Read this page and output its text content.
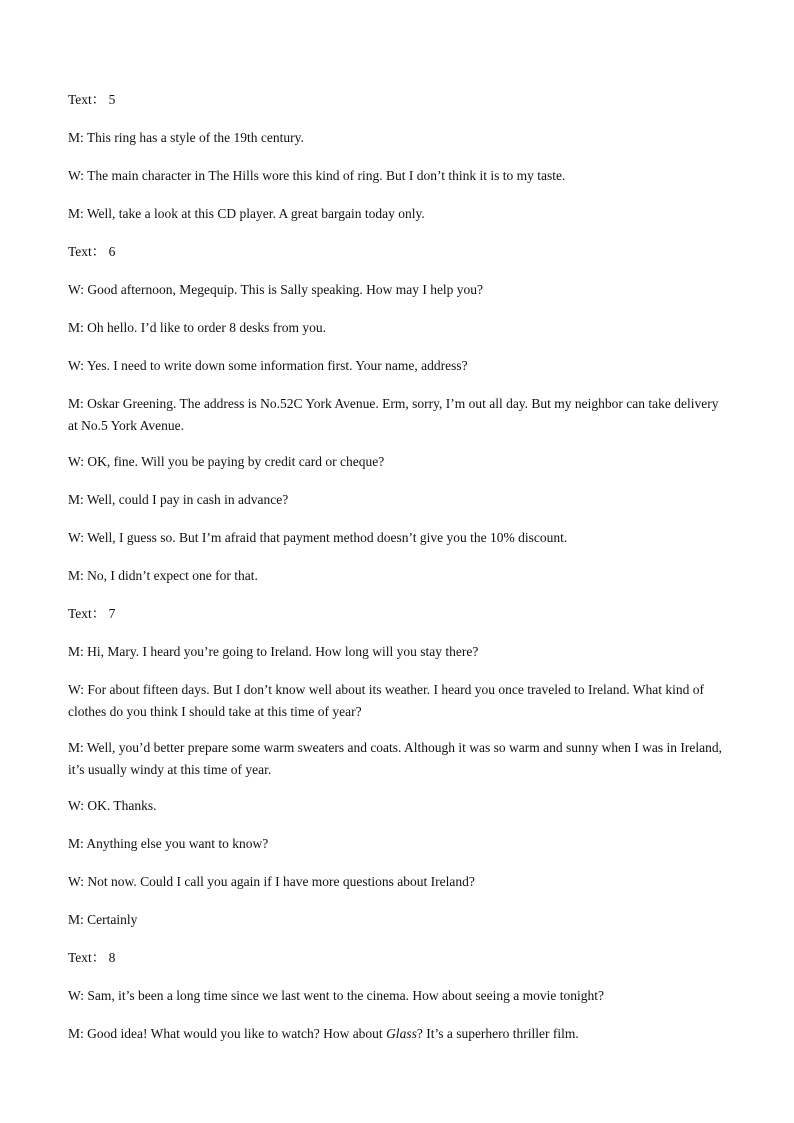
Text： 5

M: This ring has a style of the 19th century.

W: The main character in The Hills wore this kind of ring. But I don’t think it is to my taste.

M: Well, take a look at this CD player. A great bargain today only.

Text： 6

W: Good afternoon, Megequip. This is Sally speaking. How may I help you?

M: Oh hello. I’d like to order 8 desks from you.

W: Yes. I need to write down some information first. Your name, address?

M: Oskar Greening. The address is No.52C York Avenue. Erm, sorry, I’m out all day. But my neighbor can take delivery at No.5 York Avenue.

W: OK, fine. Will you be paying by credit card or cheque?

M: Well, could I pay in cash in advance?

W: Well, I guess so. But I’m afraid that payment method doesn’t give you the 10% discount.

M: No, I didn’t expect one for that.

Text： 7

M: Hi, Mary. I heard you’re going to Ireland. How long will you stay there?

W: For about fifteen days. But I don’t know well about its weather. I heard you once traveled to Ireland. What kind of clothes do you think I should take at this time of year?

M: Well, you’d better prepare some warm sweaters and coats. Although it was so warm and sunny when I was in Ireland, it’s usually windy at this time of year.

W: OK. Thanks.

M: Anything else you want to know?

W: Not now. Could I call you again if I have more questions about Ireland?

M: Certainly

Text： 8

W: Sam, it’s been a long time since we last went to the cinema. How about seeing a movie tonight?

M: Good idea! What would you like to watch? How about Glass? It’s a superhero thriller film.
